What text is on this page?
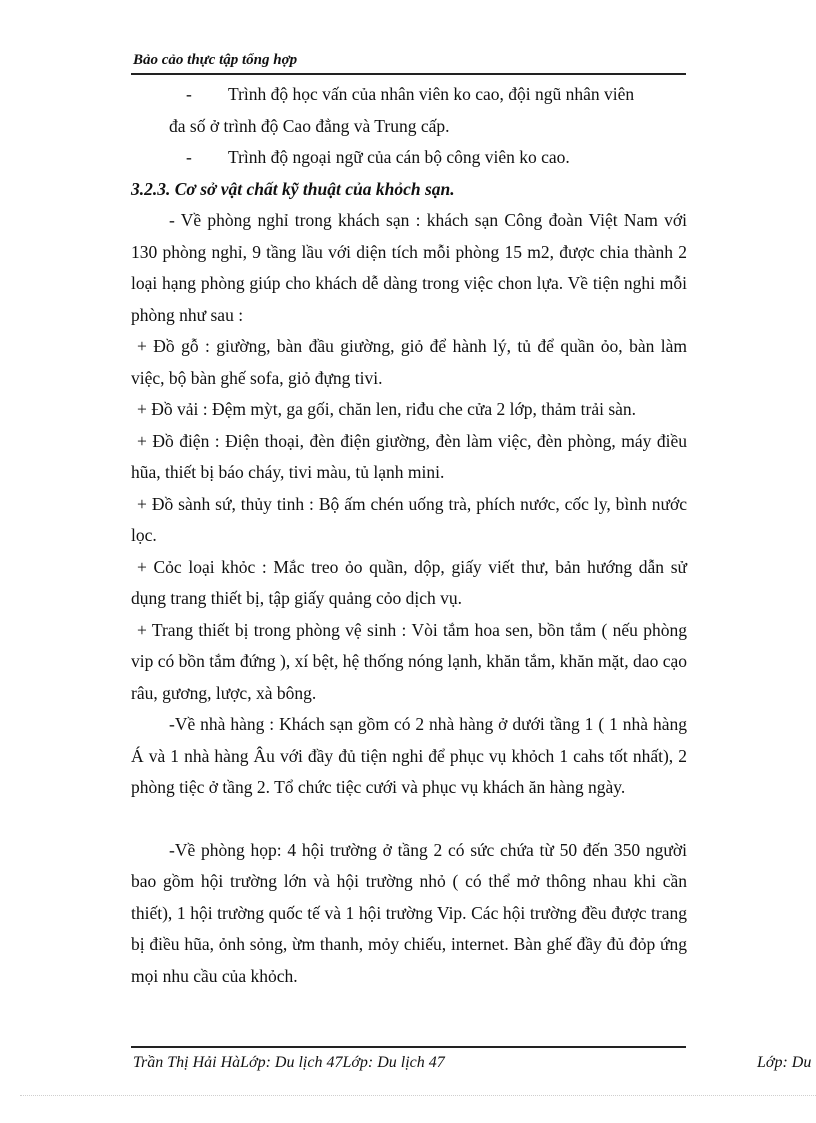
Bảo cảo thực tập tổng hợp

- Trình độ học vấn của nhân viên ko cao, đội ngũ nhân viên

đa số ở trình độ Cao đẳng và Trung cấp.

- Trình độ ngoại ngữ của cán bộ công viên ko cao.

3.2.3. Cơ sở vật chất kỹ thuật của khỏch sạn.

- Về phòng nghỉ trong khách sạn : khách sạn Công đoàn Việt Nam với 130 phòng nghỉ, 9 tầng lầu với diện tích mỗi phòng 15 m2, được chia thành 2 loại hạng phòng giúp cho khách dễ dàng trong việc chon lựa. Về tiện nghi mỗi phòng như sau :

+ Đồ gỗ : giường, bàn đầu giường, giỏ để hành lý, tủ để quần ỏo, bàn làm việc, bộ bàn ghế sofa, giỏ đựng tivi.

+ Đồ vải : Đệm mỳt, ga gối, chăn len, riđu che cửa 2 lớp, thảm trải sàn.

+ Đồ điện : Điện thoại, đèn điện giường, đèn làm việc, đèn phòng, máy điều hũa, thiết bị báo cháy, tivi màu, tủ lạnh mini.

+ Đồ sành sứ, thủy tinh : Bộ ấm chén uống trà, phích nước, cốc ly, bình nước lọc.

+ Cỏc loại khỏc : Mắc treo ỏo quần, dộp, giấy viết thư, bản hướng dẫn sử dụng trang thiết bị, tập giấy quảng cỏo dịch vụ.

+ Trang thiết bị trong phòng vệ sinh : Vòi tắm hoa sen, bồn tắm ( nếu phòng vip có bồn tắm đứng ), xí bệt, hệ thống nóng lạnh, khăn tắm, khăn mặt, dao cạo râu, gương, lược, xà bông.

-Về nhà hàng : Khách sạn gồm có 2 nhà hàng ở dưới tầng 1 ( 1 nhà hàng Á và 1 nhà hàng Âu với đầy đủ tiện nghi để phục vụ khỏch 1 cahs tốt nhất), 2 phòng tiệc ở tầng 2. Tổ chức tiệc cưới và phục vụ khách ăn hàng ngày.

-Về phòng họp: 4 hội trường ở tầng 2 có sức chứa từ 50 đến 350 người bao gồm hội trường lớn và hội trường nhỏ ( có thể mở thông nhau khi cần thiết), 1 hội trường quốc tế và 1 hội trường Vip. Các hội trường đều được trang bị điều hũa, ỏnh sỏng, ừm thanh, mỏy chiếu, internet. Bàn ghế đầy đủ đỏp ứng mọi nhu cầu của khỏch.

Trần Thị Hải HàLớp: Du lịch 47Lớp: Du lịch 47	Lớp: Du
